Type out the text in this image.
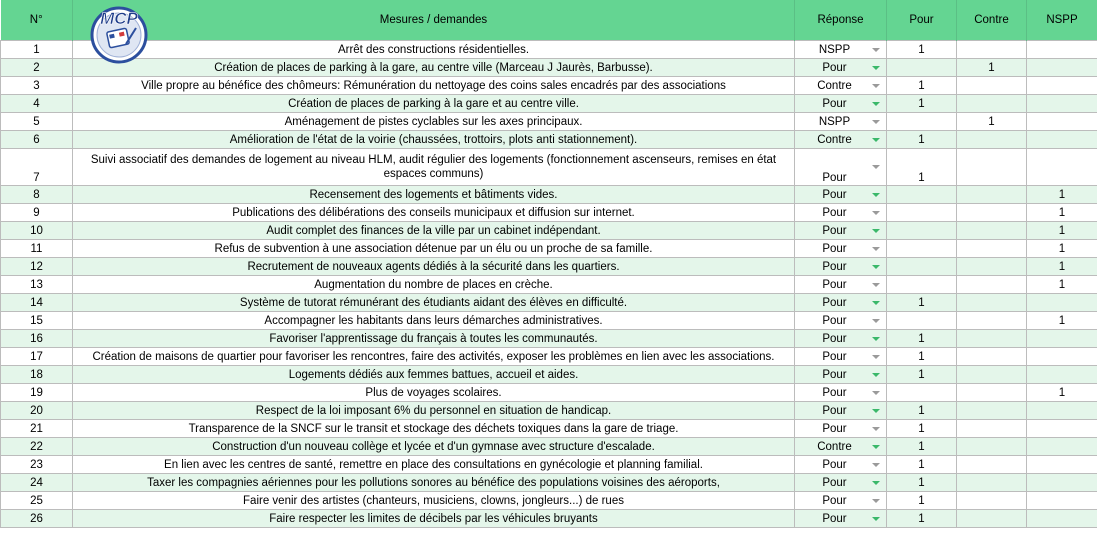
MCP
N°	Mesures / demandes	Réponse	Pour	Contre	NSPP
1	Arrêt des constructions résidentielles.	NSPP	1		
2	Création de places de parking à la gare, au centre ville (Marceau J Jaurès, Barbusse).	Pour		1	
3	Ville propre au bénéfice des chômeurs: Rémunération du nettoyage des coins sales encadrés par des associations	Contre	1		
4	Création de places de parking à la gare et au centre ville.	Pour	1		
5	Aménagement de pistes cyclables sur les axes principaux.	NSPP		1	
6	Amélioration de l'état de la voirie (chaussées, trottoirs, plots anti stationnement).	Contre	1		
7	Suivi associatif des demandes de logement au niveau HLM, audit régulier des logements (fonctionnement ascenseurs, remises en état espaces communs)	Pour	1		
8	Recensement des logements et bâtiments vides.	Pour			1
9	Publications des délibérations des conseils municipaux et diffusion sur internet.	Pour			1
10	Audit complet des finances de la ville par un cabinet indépendant.	Pour			1
11	Refus de subvention à une association détenue par un élu ou un proche de sa famille.	Pour			1
12	Recrutement de nouveaux agents dédiés à la sécurité dans les quartiers.	Pour			1
13	Augmentation du nombre de places en crèche.	Pour			1
14	Système de tutorat rémunérant des étudiants aidant des élèves en difficulté.	Pour	1		
15	Accompagner les habitants dans leurs démarches administratives.	Pour			1
16	Favoriser l'apprentissage du français à toutes les communautés.	Pour	1		
17	Création de maisons de quartier pour favoriser les rencontres, faire des activités, exposer les problèmes en lien avec les associations.	Pour	1		
18	Logements dédiés aux femmes battues, accueil et aides.	Pour	1		
19	Plus de voyages scolaires.	Pour			1
20	Respect de la loi imposant 6% du personnel en situation de handicap.	Pour	1		
21	Transparence de la SNCF sur le transit et stockage des déchets toxiques dans la gare de triage.	Pour	1		
22	Construction d'un nouveau collège et lycée et d'un gymnase avec structure d'escalade.	Contre	1		
23	En lien avec les centres de santé, remettre en place des consultations en gynécologie et planning familial.	Pour	1		
24	Taxer les compagnies aériennes pour les pollutions sonores au bénéfice des populations voisines des aéroports,	Pour	1		
25	Faire venir des artistes (chanteurs, musiciens, clowns, jongleurs...) de rues	Pour	1		
26	Faire respecter les limites de décibels par les véhicules bruyants	Pour	1		
